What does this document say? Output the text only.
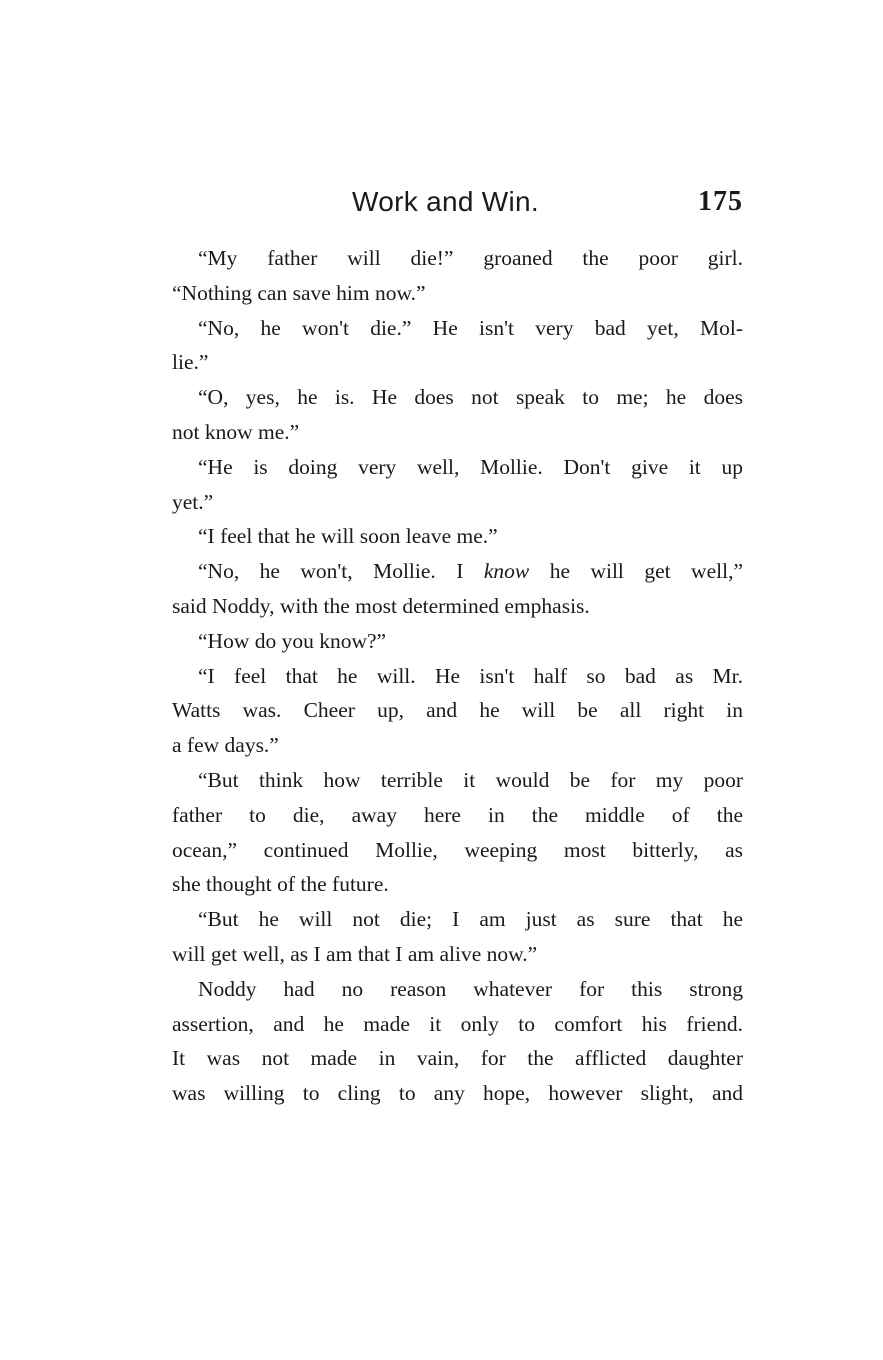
Work and Win.	175

“My father will die!” groaned the poor girl.
“Nothing can save him now.”

“No, he won't die.” He isn't very bad yet, Mol-
lie.”

“O, yes, he is. He does not speak to me; he does
not know me.”

“He is doing very well, Mollie. Don't give it up
yet.”

“I feel that he will soon leave me.”

“No, he won't, Mollie. I know he will get well,”
said Noddy, with the most determined emphasis.

“How do you know?”

“I feel that he will. He isn't half so bad as Mr.
Watts was. Cheer up, and he will be all right in
a few days.”

“But think how terrible it would be for my poor
father to die, away here in the middle of the
ocean,” continued Mollie, weeping most bitterly, as
she thought of the future.

“But he will not die; I am just as sure that he
will get well, as I am that I am alive now.”

Noddy had no reason whatever for this strong
assertion, and he made it only to comfort his friend.
It was not made in vain, for the afflicted daughter
was willing to cling to any hope, however slight, and
